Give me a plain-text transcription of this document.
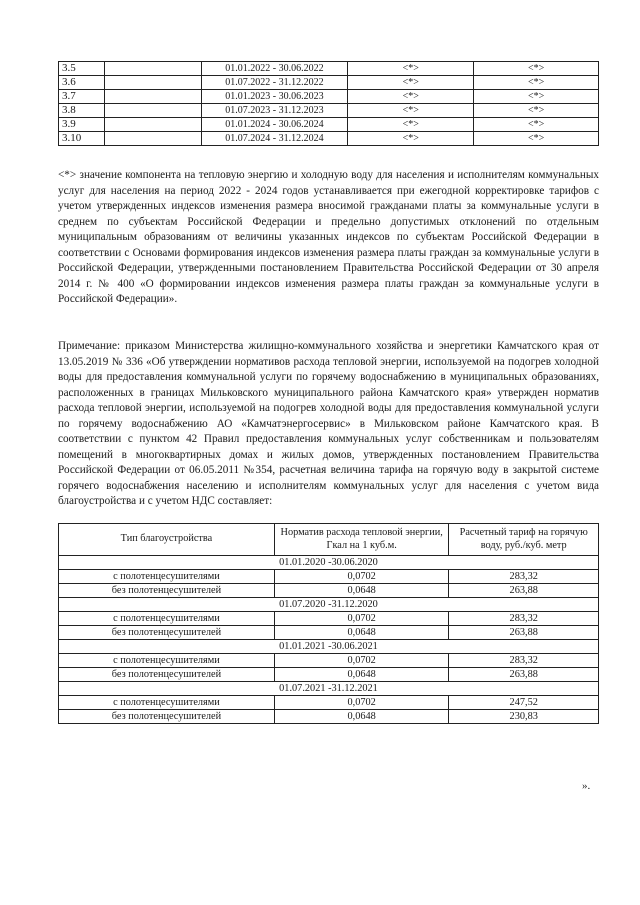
3.5		01.01.2022 - 30.06.2022	<*>	<*>
3.6		01.07.2022 - 31.12.2022	<*>	<*>
3.7		01.01.2023 - 30.06.2023	<*>	<*>
3.8		01.07.2023 - 31.12.2023	<*>	<*>
3.9		01.01.2024 - 30.06.2024	<*>	<*>
3.10		01.07.2024 - 31.12.2024	<*>	<*>

<*> значение компонента на тепловую энергию и холодную воду для населения и исполнителям коммунальных услуг для населения на период 2022 - 2024 годов устанавливается при ежегодной корректировке тарифов с учетом утвержденных индексов изменения размера вносимой гражданами платы за коммунальные услуги в среднем по субъектам Российской Федерации и предельно допустимых отклонений по отдельным муниципальным образованиям от величины указанных индексов по субъектам Российской Федерации в соответствии с Основами формирования индексов изменения размера платы граждан за коммунальные услуги в Российской Федерации, утвержденными постановлением Правительства Российской Федерации от 30 апреля 2014 г. № 400 «О формировании индексов изменения размера платы граждан за коммунальные услуги в Российской Федерации».

Примечание: приказом Министерства жилищно-коммунального хозяйства и энергетики Камчатского края от 13.05.2019 № 336 «Об утверждении нормативов расхода тепловой энергии, используемой на подогрев холодной воды для предоставления коммунальной услуги по горячему водоснабжению в муниципальных образованиях, расположенных в границах Мильковского муниципального района Камчатского края» утвержден норматив расхода тепловой энергии, используемой на подогрев холодной воды для предоставления коммунальной услуги по горячему водоснабжению АО «Камчатэнергосервис» в Мильковском районе Камчатского края. В соответствии с пунктом 42 Правил предоставления коммунальных услуг собственникам и пользователям помещений в многоквартирных домах и жилых домов, утвержденных постановлением Правительства Российской Федерации от 06.05.2011 №354, расчетная величина тарифа на горячую воду в закрытой системе горячего водоснабжения населению и исполнителям коммунальных услуг для населения с учетом вида благоустройства и с учетом НДС составляет:

Тип благоустройства	Норматив расхода тепловой энергии, Гкал на 1 куб.м.	Расчетный тариф на горячую воду, руб./куб. метр
01.01.2020 -30.06.2020		
с полотенцесушителями	0,0702	283,32
без полотенцесушителей	0,0648	263,88
01.07.2020 -31.12.2020		
с полотенцесушителями	0,0702	283,32
без полотенцесушителей	0,0648	263,88
01.01.2021 -30.06.2021		
с полотенцесушителями	0,0702	283,32
без полотенцесушителей	0,0648	263,88
01.07.2021 -31.12.2021		
с полотенцесушителями	0,0702	247,52
без полотенцесушителей	0,0648	230,83
».
